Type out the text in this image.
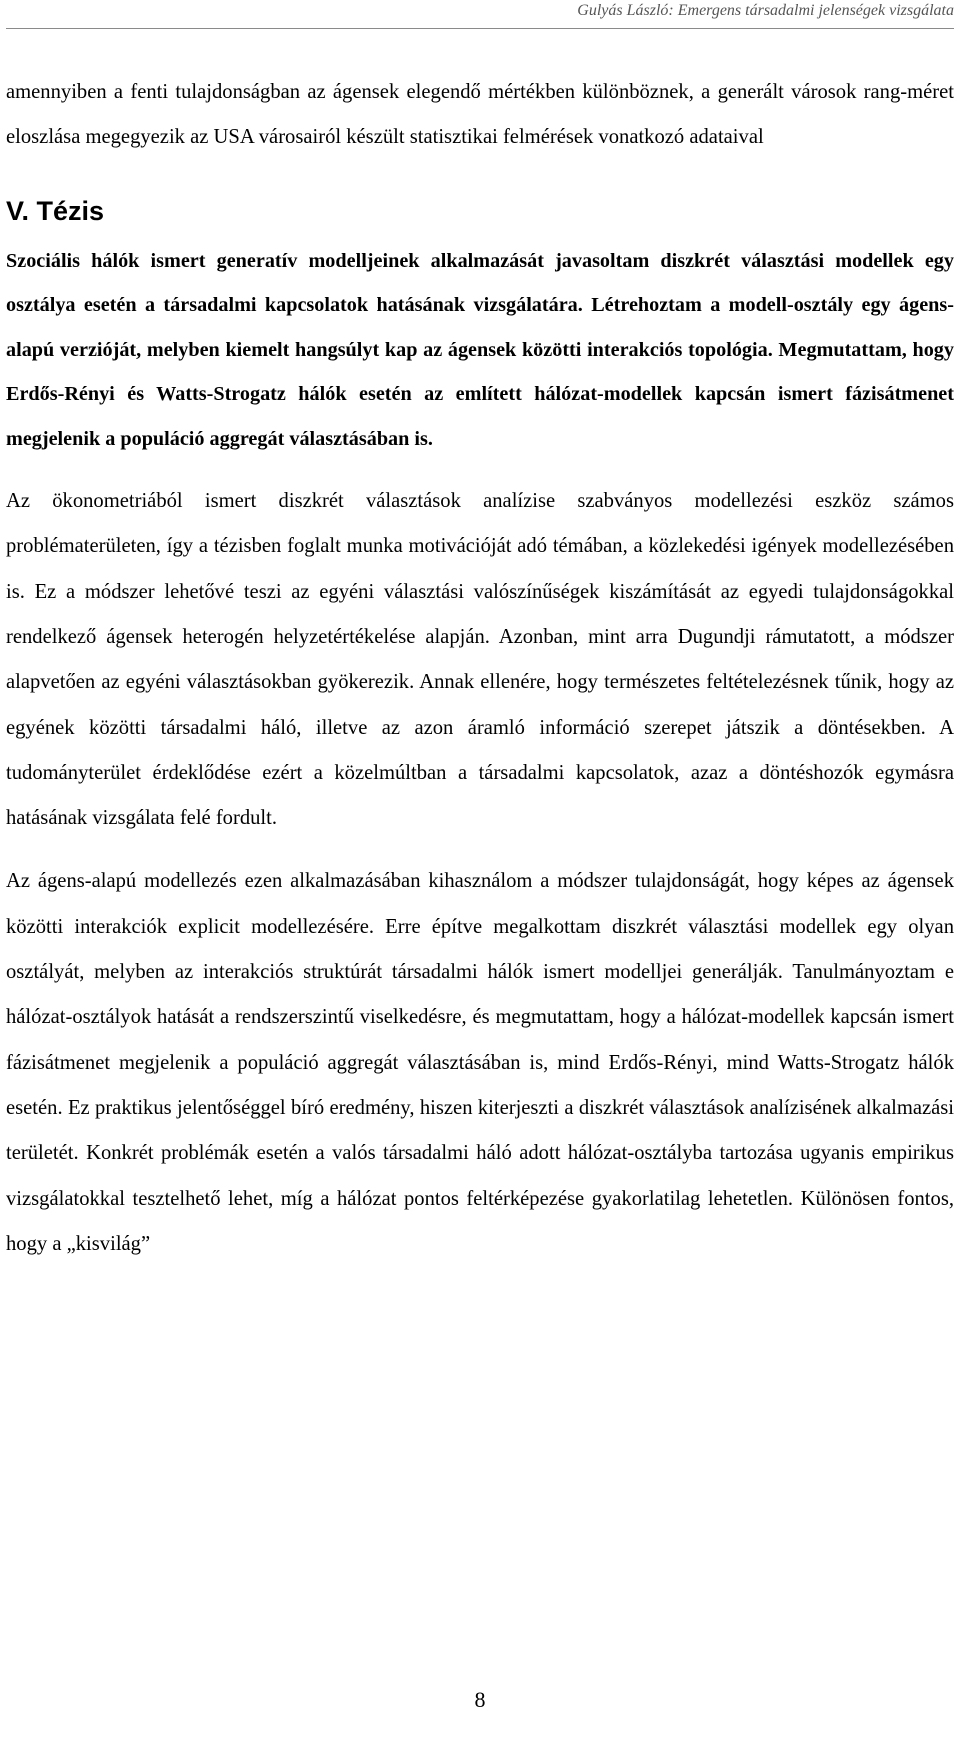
Gulyás László: Emergens társadalmi jelenségek vizsgálata

amennyiben a fenti tulajdonságban az ágensek elegendő mértékben különböznek, a generált városok rang-méret eloszlása megegyezik az USA városairól készült statisztikai felmérések vonatkozó adataival

V. Tézis

Szociális hálók ismert generatív modelljeinek alkalmazását javasoltam diszkrét választási modellek egy osztálya esetén a társadalmi kapcsolatok hatásának vizsgálatára. Létrehoztam a modell-osztály egy ágens-alapú verzióját, melyben kiemelt hangsúlyt kap az ágensek közötti interakciós topológia. Megmutattam, hogy Erdős-Rényi és Watts-Strogatz hálók esetén az említett hálózat-modellek kapcsán ismert fázisátmenet megjelenik a populáció aggregát választásában is.

Az ökonometriából ismert diszkrét választások analízise szabványos modellezési eszköz számos problématerületen, így a tézisben foglalt munka motivációját adó témában, a közlekedési igények modellezésében is. Ez a módszer lehetővé teszi az egyéni választási valószínűségek kiszámítását az egyedi tulajdonságokkal rendelkező ágensek heterogén helyzetértékelése alapján. Azonban, mint arra Dugundji rámutatott, a módszer alapvetően az egyéni választásokban gyökerezik. Annak ellenére, hogy természetes feltételezésnek tűnik, hogy az egyének közötti társadalmi háló, illetve az azon áramló információ szerepet játszik a döntésekben. A tudományterület érdeklődése ezért a közelmúltban a társadalmi kapcsolatok, azaz a döntéshozók egymásra hatásának vizsgálata felé fordult.

Az ágens-alapú modellezés ezen alkalmazásában kihasználom a módszer tulajdonságát, hogy képes az ágensek közötti interakciók explicit modellezésére. Erre építve megalkottam diszkrét választási modellek egy olyan osztályát, melyben az interakciós struktúrát társadalmi hálók ismert modelljei generálják. Tanulmányoztam e hálózat-osztályok hatását a rendszerszintű viselkedésre, és megmutattam, hogy a hálózat-modellek kapcsán ismert fázisátmenet megjelenik a populáció aggregát választásában is, mind Erdős-Rényi, mind Watts-Strogatz hálók esetén. Ez praktikus jelentőséggel bíró eredmény, hiszen kiterjeszti a diszkrét választások analízisének alkalmazási területét. Konkrét problémák esetén a valós társadalmi háló adott hálózat-osztályba tartozása ugyanis empirikus vizsgálatokkal tesztelhető lehet, míg a hálózat pontos feltérképezése gyakorlatilag lehetetlen. Különösen fontos, hogy a „kisvilág”

8
